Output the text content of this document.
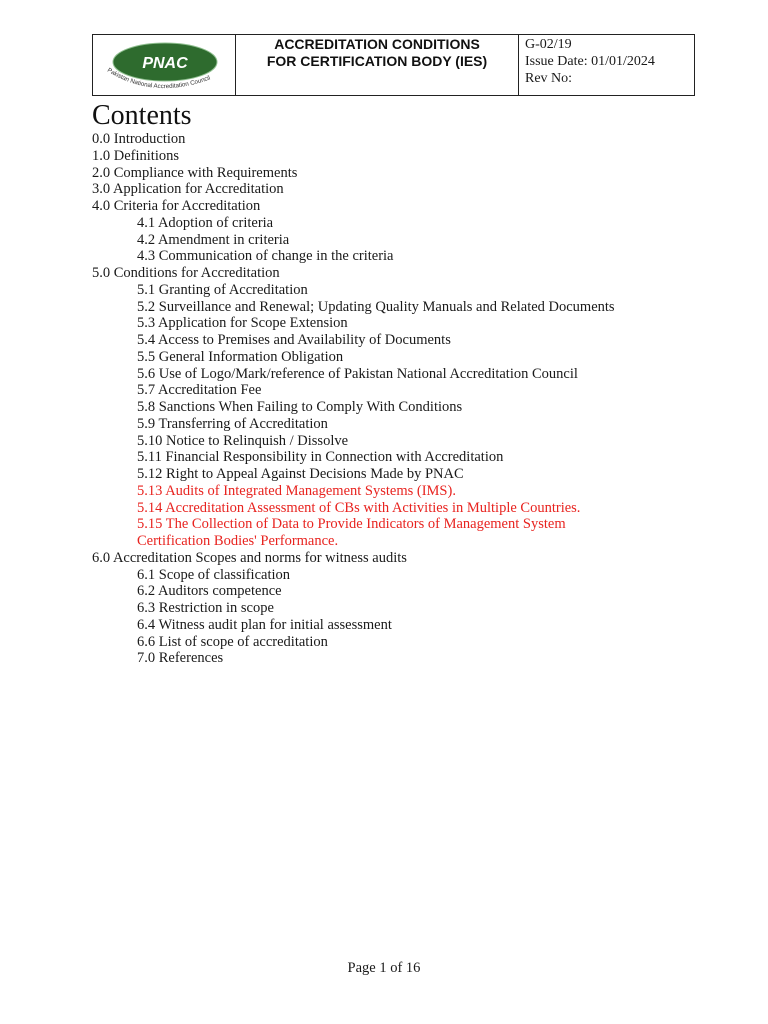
PNAC
Pakistan National Accreditation Council
ACCREDITATION CONDITIONS
FOR CERTIFICATION BODY (IES)
G-02/19
Issue Date: 01/01/2024
Rev No:
Contents
0.0 Introduction
1.0 Definitions
2.0 Compliance with Requirements
3.0 Application for Accreditation
4.0 Criteria for Accreditation
4.1 Adoption of criteria
4.2 Amendment in criteria
4.3 Communication of change in the criteria
5.0 Conditions for Accreditation
5.1 Granting of Accreditation
5.2 Surveillance and Renewal; Updating Quality Manuals and Related Documents
5.3 Application for Scope Extension
5.4 Access to Premises and Availability of Documents
5.5 General Information Obligation
5.6 Use of Logo/Mark/reference of Pakistan National Accreditation Council
5.7 Accreditation Fee
5.8 Sanctions When Failing to Comply With Conditions
5.9 Transferring of Accreditation
5.10 Notice to Relinquish / Dissolve
5.11 Financial Responsibility in Connection with Accreditation
5.12 Right to Appeal Against Decisions Made by PNAC
5.13 Audits of Integrated Management Systems (IMS).
5.14 Accreditation Assessment of CBs with Activities in Multiple Countries.
5.15 The Collection of Data to Provide Indicators of Management System
Certification Bodies' Performance.
6.0 Accreditation Scopes and norms for witness audits
6.1 Scope of classification
6.2 Auditors competence
6.3 Restriction in scope
6.4 Witness audit plan for initial assessment
6.6 List of scope of accreditation
7.0 References
Page 1 of 16
